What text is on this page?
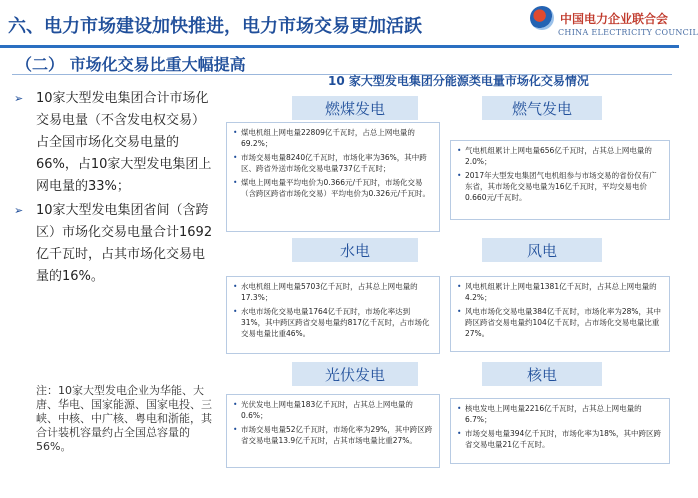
六、电力市场建设加快推进，电力市场交易更加活跃	中国电力企业联合会
CHINA ELECTRICITY COUNCIL
（二） 市场化交易比重大幅提高
➢ 10家大型发电集团合计市场化交易电量（不含发电权交易）占全国市场化交易电量的66%，占10家大型发电集团上网电量的33%；
➢ 10家大型发电集团省间（含跨区）市场化交易电量合计1692亿千瓦时，占其市场化交易电量的16%。
注：10家大型发电企业为华能、大唐、华电、国家能源、国家电投、三峡、中核、中广核、粤电和浙能，其合计装机容量约占全国总容量的56%。
10 家大型发电集团分能源类电量市场化交易情况
燃煤发电
• 煤电机组上网电量22809亿千瓦时，占总上网电量的69.2%；
• 市场交易电量8240亿千瓦时，市场化率为36%，其中跨区、跨省外送市场化交易电量737亿千瓦时；
• 煤电上网电量平均电价为0.366元/千瓦时，市场化交易（含跨区跨省市场化交易）平均电价为0.326元/千瓦时。
燃气发电
• 气电机组累计上网电量656亿千瓦时，占其总上网电量的2.0%；
• 2017年大型发电集团气电机组参与市场交易的省份仅有广东省，其市场化交易电量为16亿千瓦时，平均交易电价0.660元/千瓦时。
水电
• 水电机组上网电量5703亿千瓦时，占其总上网电量的17.3%；
• 水电市场化交易电量1764亿千瓦时，市场化率达到31%，其中跨区跨省交易电量约817亿千瓦时，占市场化交易电量比重46%。
风电
• 风电机组累计上网电量1381亿千瓦时，占其总上网电量的4.2%；
• 风电市场化交易电量384亿千瓦时，市场化率为28%，其中跨区跨省交易电量约104亿千瓦时，占市场化交易电量比重27%。
光伏发电
• 光伏发电上网电量183亿千瓦时，占其总上网电量的0.6%；
• 市场交易电量52亿千瓦时，市场化率为29%，其中跨区跨省交易电量13.9亿千瓦时，占其市场电量比重27%。
核电
• 核电发电上网电量2216亿千瓦时，占其总上网电量的6.7%；
• 市场交易电量394亿千瓦时，市场化率为18%，其中跨区跨省交易电量21亿千瓦时。
